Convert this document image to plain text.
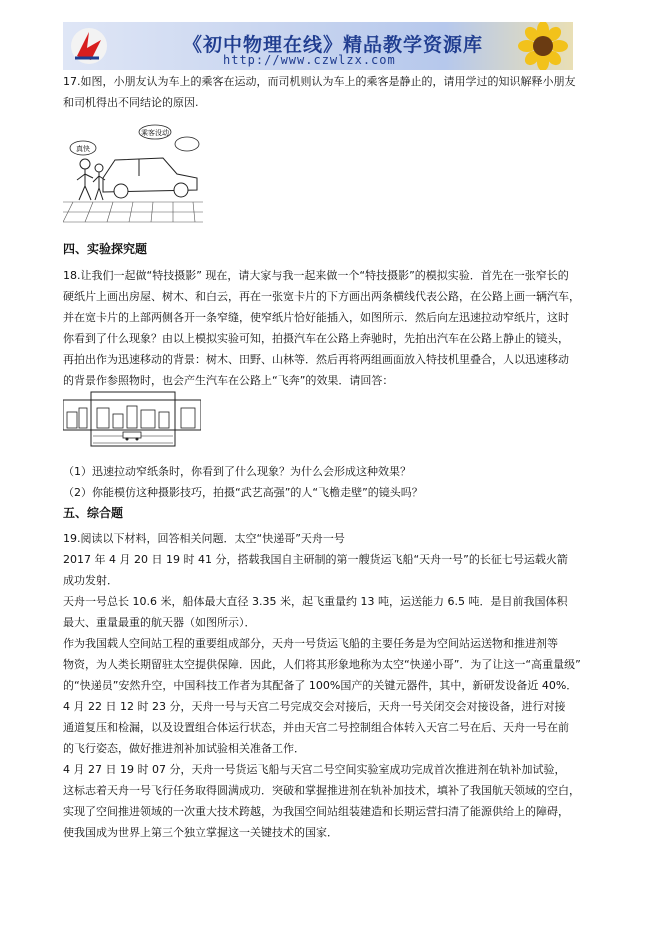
《初中物理在线》精品教学资源库
http://www.czwlzx.com
17.如图，小朋友认为车上的乘客在运动，而司机则认为车上的乘客是静止的，请用学过的知识解释小朋友
和司机得出不同结论的原因.
真快
乘客没动
四、实验探究题
18.让我们一起做“特技摄影” 现在，请大家与我一起来做一个“特技摄影”的模拟实验．首先在一张窄长的
硬纸片上画出房屋、树木、和白云，再在一张宽卡片的下方画出两条横线代表公路，在公路上画一辆汽车，
并在宽卡片的上部两侧各开一条窄缝，使窄纸片恰好能插入，如图所示．然后向左迅速拉动窄纸片，这时
你看到了什么现象？由以上模拟实验可知，拍摄汽车在公路上奔驰时，先拍出汽车在公路上静止的镜头，
再拍出作为迅速移动的背景：树木、田野、山林等．然后再将两组画面放入特技机里叠合，人以迅速移动
的背景作参照物时，也会产生汽车在公路上“飞奔”的效果．请回答：
（1）迅速拉动窄纸条时，你看到了什么现象？为什么会形成这种效果？
（2）你能模仿这种摄影技巧，拍摄“武艺高强”的人“飞檐走壁”的镜头吗？
五、综合题
19.阅读以下材料，回答相关问题．太空“快递哥”天舟一号
2017 年 4 月 20 日 19 时 41 分，搭载我国自主研制的第一艘货运飞船“天舟一号”的长征七号运载火箭
成功发射．
天舟一号总长 10.6 米，船体最大直径 3.35 米，起飞重量约 13 吨，运送能力 6.5 吨．是目前我国体积
最大、重量最重的航天器（如图所示）．
作为我国载人空间站工程的重要组成部分，天舟一号货运飞船的主要任务是为空间站运送物和推进剂等
物资，为人类长期留驻太空提供保障．因此，人们将其形象地称为太空“快递小哥”．为了让这一“高重量级”
的“快递员”安然升空，中国科技工作者为其配备了 100%国产的关键元器件，其中，新研发设备近 40%．
4 月 22 日 12 时 23 分，天舟一号与天宫二号完成交会对接后，天舟一号关闭交会对接设备，进行对接
通道复压和检漏，以及设置组合体运行状态，并由天宫二号控制组合体转入天宫二号在后、天舟一号在前
的飞行姿态，做好推进剂补加试验相关准备工作．
4 月 27 日 19 时 07 分，天舟一号货运飞船与天宫二号空间实验室成功完成首次推进剂在轨补加试验，
这标志着天舟一号飞行任务取得圆满成功．突破和掌握推进剂在轨补加技术，填补了我国航天领域的空白，
实现了空间推进领域的一次重大技术跨越，为我国空间站组装建造和长期运营扫清了能源供给上的障碍，
使我国成为世界上第三个独立掌握这一关键技术的国家．
